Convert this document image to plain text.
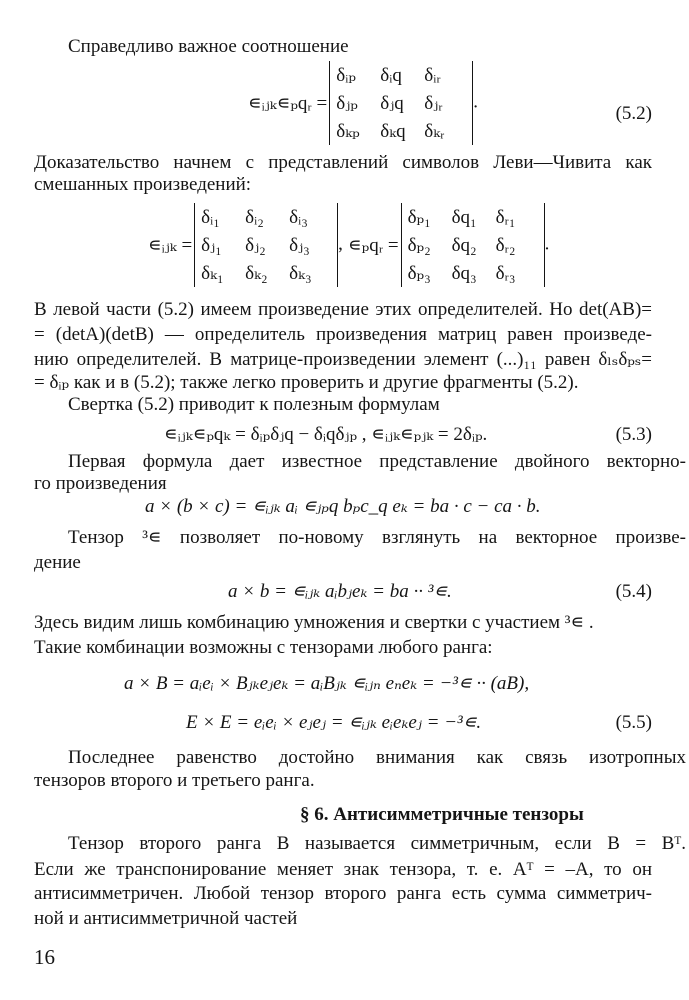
Справедливо важное соотношение
∊ᵢⱼₖ∊ₚqᵣ =
δᵢₚ	δᵢq	δᵢᵣ
δⱼₚ	δⱼq	δⱼᵣ
δₖₚ	δₖq δₖᵣ
.
(5.2)
Доказательство начнем с представлений символов Леви—Чивита как
смешанных произведений:
∊ᵢⱼₖ =
δᵢ₁	δᵢ₂	δᵢ₃
δⱼ₁	δⱼ₂	δⱼ₃
δₖ₁	δₖ₂	δₖ₃
, ∊ₚqᵣ =
δₚ₁	δq₁ δᵣ₁
δₚ₂	δq₂ δᵣ₂
δₚ₃	δq₃ δᵣ₃
.
В левой части (5.2) имеем произведение этих определителей. Но det(AB)=
= (detA)(detB) — определитель произведения матриц равен произведе-
нию определителей. В матрице-произведении элемент (...)₁₁ равен δₗₛδₚₛ=
= δᵢₚ как и в (5.2); также легко проверить и другие фрагменты (5.2).
Свертка (5.2) приводит к полезным формулам
∊ᵢⱼₖ∊ₚqₖ = δᵢₚδⱼq − δᵢqδⱼₚ , ∊ᵢⱼₖ∊ₚⱼₖ = 2δᵢₚ.	(5.3)
Первая формула дает известное представление двойного векторно-
го произведения
a × (b × c) = ∊ᵢⱼₖ aᵢ ∊ⱼₚq bₚc_q eₖ = ba · c − ca · b.
Тензор ³∊ позволяет по-новому взглянуть на векторное произве-
дение
a × b = ∊ᵢⱼₖ aᵢbⱼeₖ = ba ·· ³∊.	(5.4)
Здесь видим лишь комбинацию умножения и свертки с участием ³∊ .
Такие комбинации возможны с тензорами любого ранга:
a × B = aᵢeᵢ × Bⱼₖeⱼeₖ = aᵢBⱼₖ ∊ᵢⱼₙ eₙeₖ = −³∊ ·· (aB),
E × E = eᵢeᵢ × eⱼeⱼ = ∊ᵢⱼₖ eᵢeₖeⱼ = −³∊.	(5.5)
Последнее равенство достойно внимания как связь изотропных
тензоров второго и третьего ранга.
§ 6. Антисимметричные тензоры
Тензор второго ранга B называется симметричным, если B = Bᵀ.
Если же транспонирование меняет знак тензора, т. е. Aᵀ = –A, то он
антисимметричен. Любой тензор второго ранга есть сумма симметрич-
ной и антисимметричной частей
16
